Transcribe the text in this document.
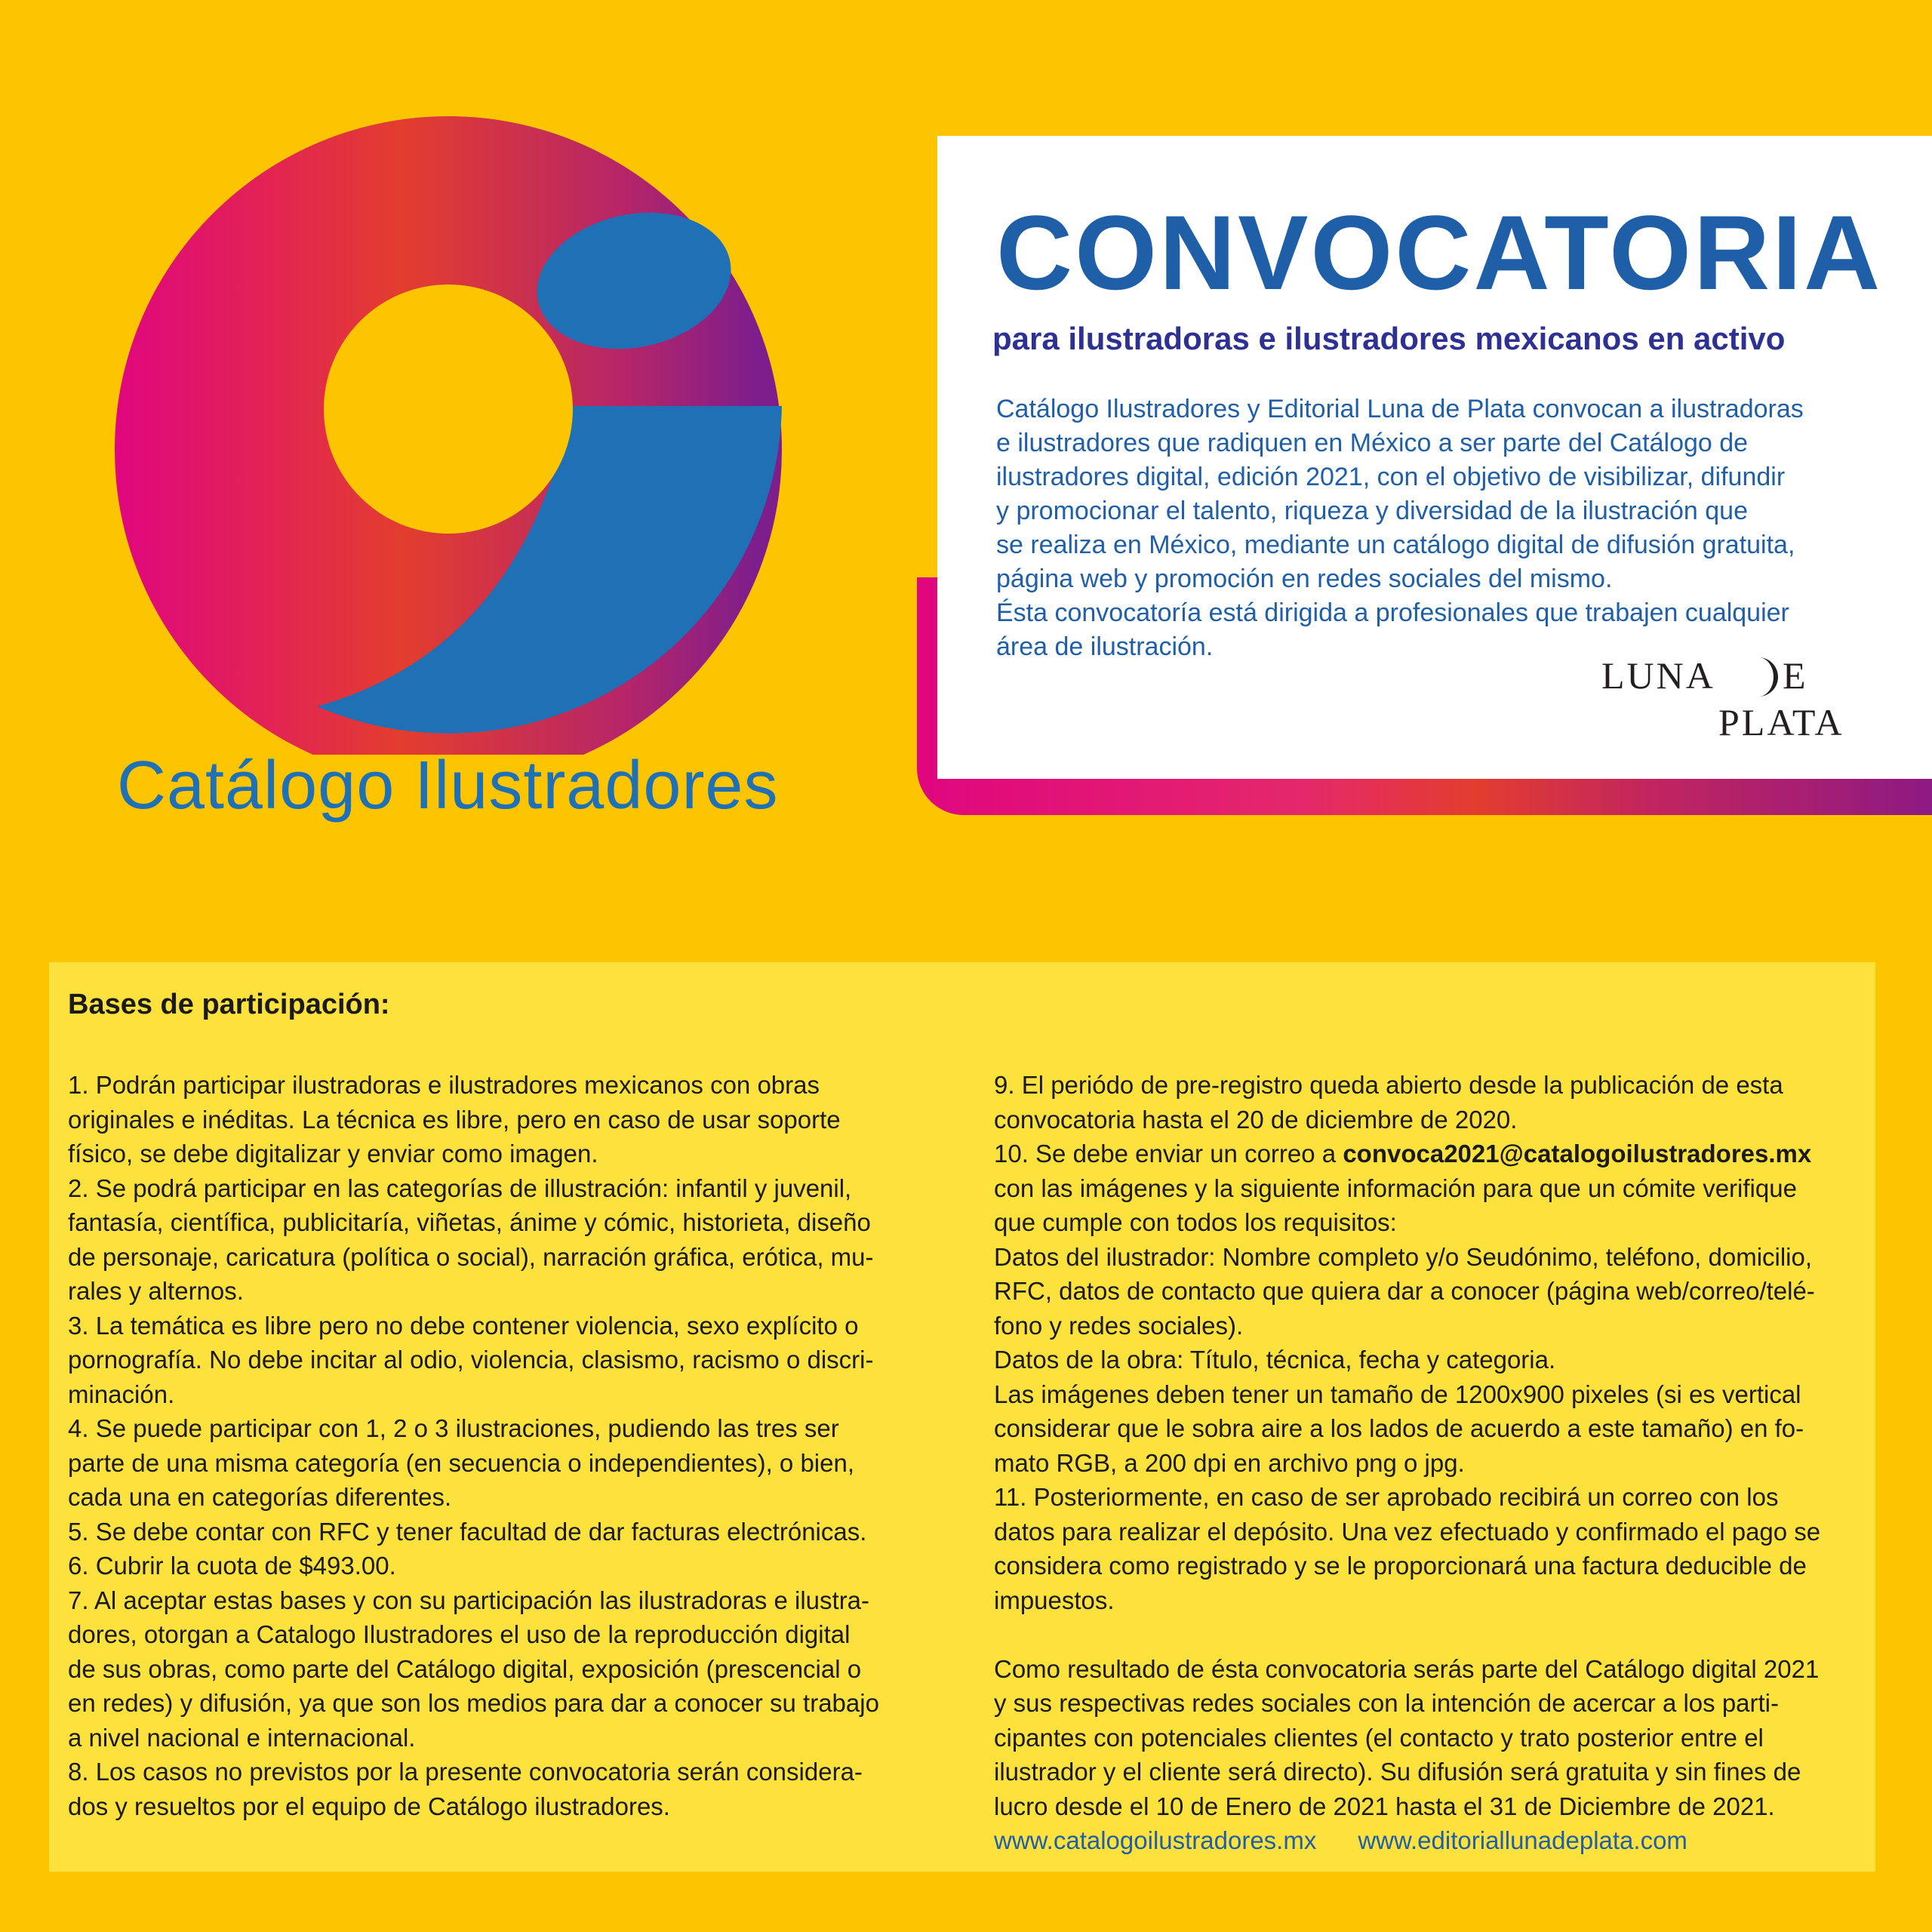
Catálogo Ilustradores
CONVOCATORIA
para ilustradoras e ilustradores mexicanos en activo

Catálogo Ilustradores y Editorial Luna de Plata convocan a ilustradoras
e ilustradores que radiquen en México a ser parte del Catálogo de
ilustradores digital, edición 2021, con el objetivo de visibilizar, difundir
y promocionar el talento, riqueza y diversidad de la ilustración que
se realiza en México, mediante un catálogo digital de difusión gratuita,
página web y promoción en redes sociales del mismo.
Ésta convocatoría está dirigida a profesionales que trabajen cualquier
área de ilustración.

LUNA E
PLATA
Bases de participación:

1. Podrán participar ilustradoras e ilustradores mexicanos con obras

originales e inéditas. La técnica es libre, pero en caso de usar soporte

físico, se debe digitalizar y enviar como imagen.

2. Se podrá participar en las categorías de illustración: infantil y juvenil,

fantasía, científica, publicitaría, viñetas, ánime y cómic, historieta, diseño

de personaje, caricatura (política o social), narración gráfica, erótica, mu-

rales y alternos.

3. La temática es libre pero no debe contener violencia, sexo explícito o

pornografía. No debe incitar al odio, violencia, clasismo, racismo o discri-

minación.

4. Se puede participar con 1, 2 o 3 ilustraciones, pudiendo las tres ser

parte de una misma categoría (en secuencia o independientes), o bien,

cada una en categorías diferentes.

5. Se debe contar con RFC y tener facultad de dar facturas electrónicas.

6. Cubrir la cuota de $493.00.

7. Al aceptar estas bases y con su participación las ilustradoras e ilustra-

dores, otorgan a Catalogo Ilustradores el uso de la reproducción digital

de sus obras, como parte del Catálogo digital, exposición (prescencial o

en redes) y difusión, ya que son los medios para dar a conocer su trabajo

a nivel nacional e internacional.

8. Los casos no previstos por la presente convocatoria serán considera-

dos y resueltos por el equipo de Catálogo ilustradores.

9. El periódo de pre-registro queda abierto desde la publicación de esta

convocatoria hasta el 20 de diciembre de 2020.

10. Se debe enviar un correo a convoca2021@catalogoilustradores.mx

con las imágenes y la siguiente información para que un cómite verifique

que cumple con todos los requisitos:

Datos del ilustrador: Nombre completo y/o Seudónimo, teléfono, domicilio,

RFC, datos de contacto que quiera dar a conocer (página web/correo/telé-

fono y redes sociales).

Datos de la obra: Título, técnica, fecha y categoria.

Las imágenes deben tener un tamaño de 1200x900 pixeles (si es vertical

considerar que le sobra aire a los lados de acuerdo a este tamaño) en fo-

mato RGB, a 200 dpi en archivo png o jpg.

11. Posteriormente, en caso de ser aprobado recibirá un correo con los

datos para realizar el depósito. Una vez efectuado y confirmado el pago se

considera como registrado y se le proporcionará una factura deducible de

impuestos.

Como resultado de ésta convocatoria serás parte del Catálogo digital 2021

y sus respectivas redes sociales con la intención de acercar a los parti-

cipantes con potenciales clientes (el contacto y trato posterior entre el

ilustrador y el cliente será directo). Su difusión será gratuita y sin fines de

lucro desde el 10 de Enero de 2021 hasta el 31 de Diciembre de 2021.

www.catalogoilustradores.mx www.editoriallunadeplata.com
